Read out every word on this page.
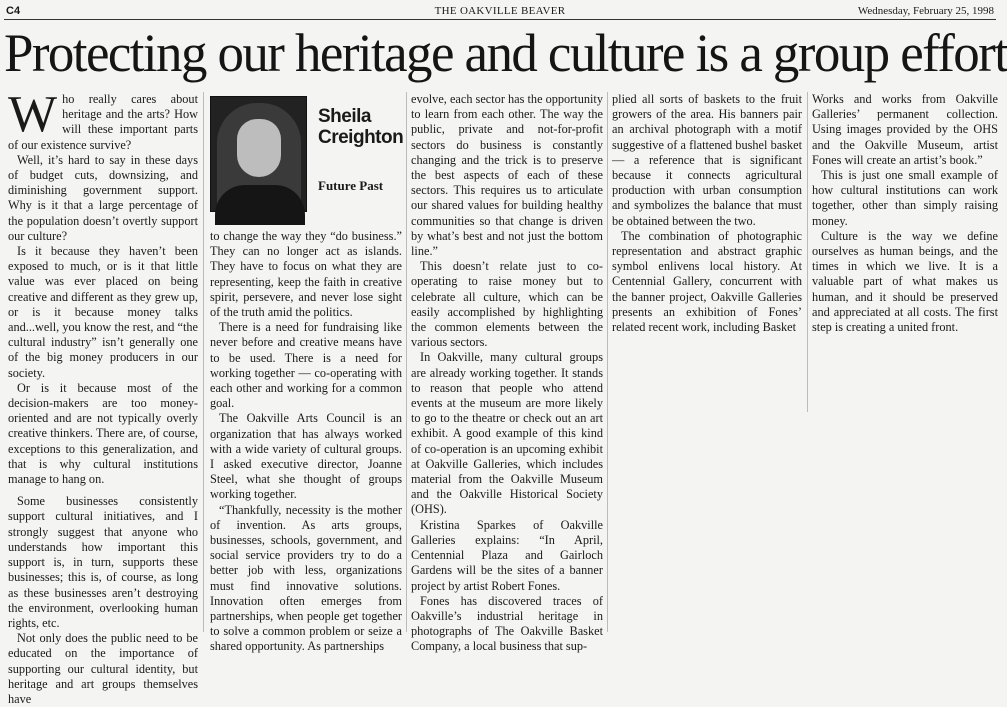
C4	THE OAKVILLE BEAVER	Wednesday, February 25, 1998
Protecting our heritage and culture is a group effort

Who really cares about heritage and the arts? How will these important parts of our existence survive?

Well, it’s hard to say in these days of budget cuts, downsizing, and diminishing government support. Why is it that a large percentage of the population doesn’t overtly support our culture?

Is it because they haven’t been exposed to much, or is it that little value was ever placed on being creative and different as they grew up, or is it because money talks and...well, you know the rest, and “the cultural industry” isn’t generally one of the big money producers in our society.

Or is it because most of the decision-makers are too money-oriented and are not typically overly creative thinkers. There are, of course, exceptions to this generalization, and that is why cultural institutions manage to hang on.

Some businesses consistently support cultural initiatives, and I strongly suggest that anyone who understands how important this support is, in turn, supports these businesses; this is, of course, as long as these businesses aren’t destroying the environment, overlooking human rights, etc.

Not only does the public need to be educated on the importance of supporting our cultural identity, but heritage and art groups themselves have

Sheila
Creighton
Future Past

to change the way they “do business.” They can no longer act as islands. They have to focus on what they are representing, keep the faith in creative spirit, persevere, and never lose sight of the truth amid the politics.

There is a need for fundraising like never before and creative means have to be used. There is a need for working together — co-operating with each other and working for a common goal.

The Oakville Arts Council is an organization that has always worked with a wide variety of cultural groups. I asked executive director, Joanne Steel, what she thought of groups working together.

“Thankfully, necessity is the mother of invention. As arts groups, businesses, schools, government, and social service providers try to do a better job with less, organizations must find innovative solutions. Innovation often emerges from partnerships, when people get together to solve a common problem or seize a shared opportunity. As partnerships

evolve, each sector has the opportunity to learn from each other. The way the public, private and not-for-profit sectors do business is constantly changing and the trick is to preserve the best aspects of each of these sectors. This requires us to articulate our shared values for building healthy communities so that change is driven by what’s best and not just the bottom line.”

This doesn’t relate just to co-operating to raise money but to celebrate all culture, which can be easily accomplished by highlighting the common elements between the various sectors.

In Oakville, many cultural groups are already working together. It stands to reason that people who attend events at the museum are more likely to go to the theatre or check out an art exhibit. A good example of this kind of co-operation is an upcoming exhibit at Oakville Galleries, which includes material from the Oakville Museum and the Oakville Historical Society (OHS).

Kristina Sparkes of Oakville Galleries explains: “In April, Centennial Plaza and Gairloch Gardens will be the sites of a banner project by artist Robert Fones.

Fones has discovered traces of Oakville’s industrial heritage in photographs of The Oakville Basket Company, a local business that sup-

plied all sorts of baskets to the fruit growers of the area. His banners pair an archival photograph with a motif suggestive of a flattened bushel basket — a reference that is significant because it connects agricultural production with urban consumption and symbolizes the balance that must be obtained between the two.

The combination of photographic representation and abstract graphic symbol enlivens local history. At Centennial Gallery, concurrent with the banner project, Oakville Galleries presents an exhibition of Fones’ related recent work, including Basket

Works and works from Oakville Galleries’ permanent collection. Using images provided by the OHS and the Oakville Museum, artist Fones will create an artist’s book.”

This is just one small example of how cultural institutions can work together, other than simply raising money.

Culture is the way we define ourselves as human beings, and the times in which we live. It is a valuable part of what makes us human, and it should be preserved and appreciated at all costs. The first step is creating a united front.
